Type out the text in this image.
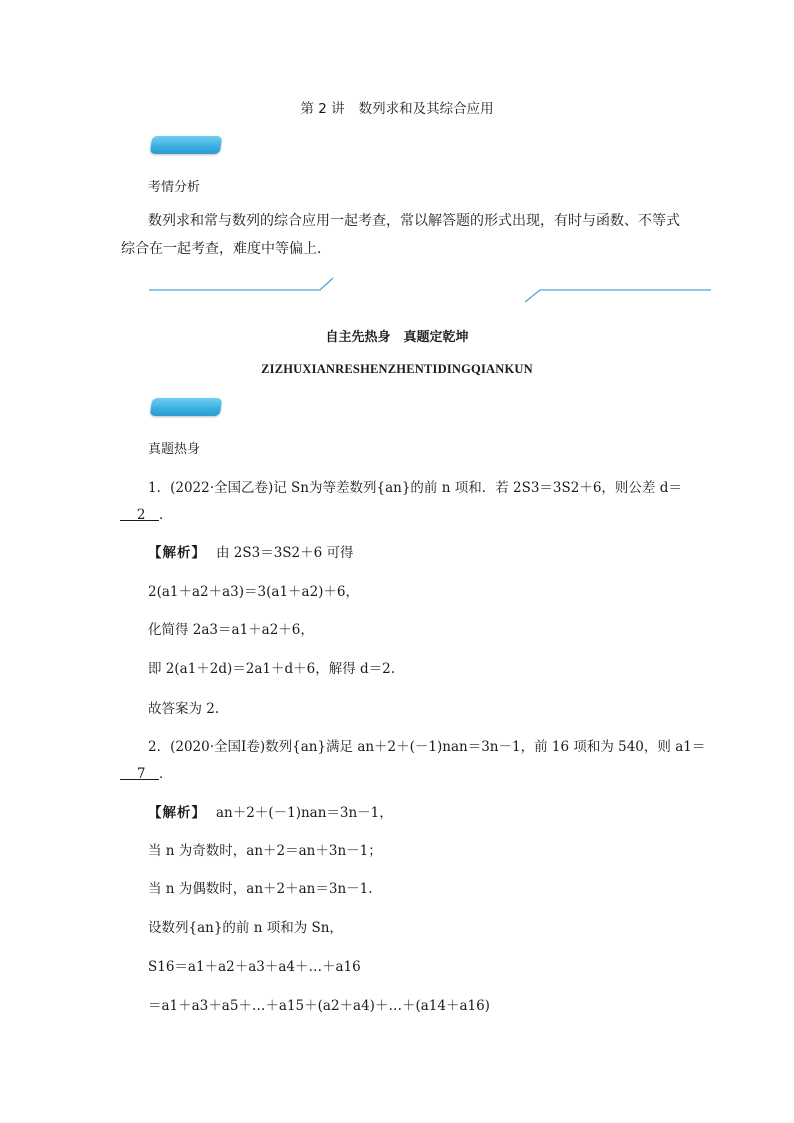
第 2 讲 数列求和及其综合应用
考情分析
数列求和常与数列的综合应用一起考查，常以解答题的形式出现，有时与函数、不等式
综合在一起考查，难度中等偏上．
自主先热身　真题定乾坤
ZIZHUXIANRESHENZHENTIDINGQIANKUN
真题热身
1．(2022·全国乙卷)记 Sn为等差数列{an}的前 n 项和．若 2S3＝3S2＋6，则公差 d＝
  2  ．
【解析】 由 2S3＝3S2＋6 可得
2(a1＋a2＋a3)＝3(a1＋a2)＋6，
化简得 2a3＝a1＋a2＋6，
即 2(a1＋2d)＝2a1＋d＋6，解得 d＝2.
故答案为 2.
2．(2020·全国Ⅰ卷)数列{an}满足 an＋2＋(－1)nan＝3n－1，前 16 项和为 540，则 a1＝
  7  ．
【解析】 an＋2＋(－1)nan＝3n－1，
当 n 为奇数时，an＋2＝an＋3n－1；
当 n 为偶数时，an＋2＋an＝3n－1.
设数列{an}的前 n 项和为 Sn，
S16＝a1＋a2＋a3＋a4＋…＋a16
＝a1＋a3＋a5＋…＋a15＋(a2＋a4)＋…＋(a14＋a16)
